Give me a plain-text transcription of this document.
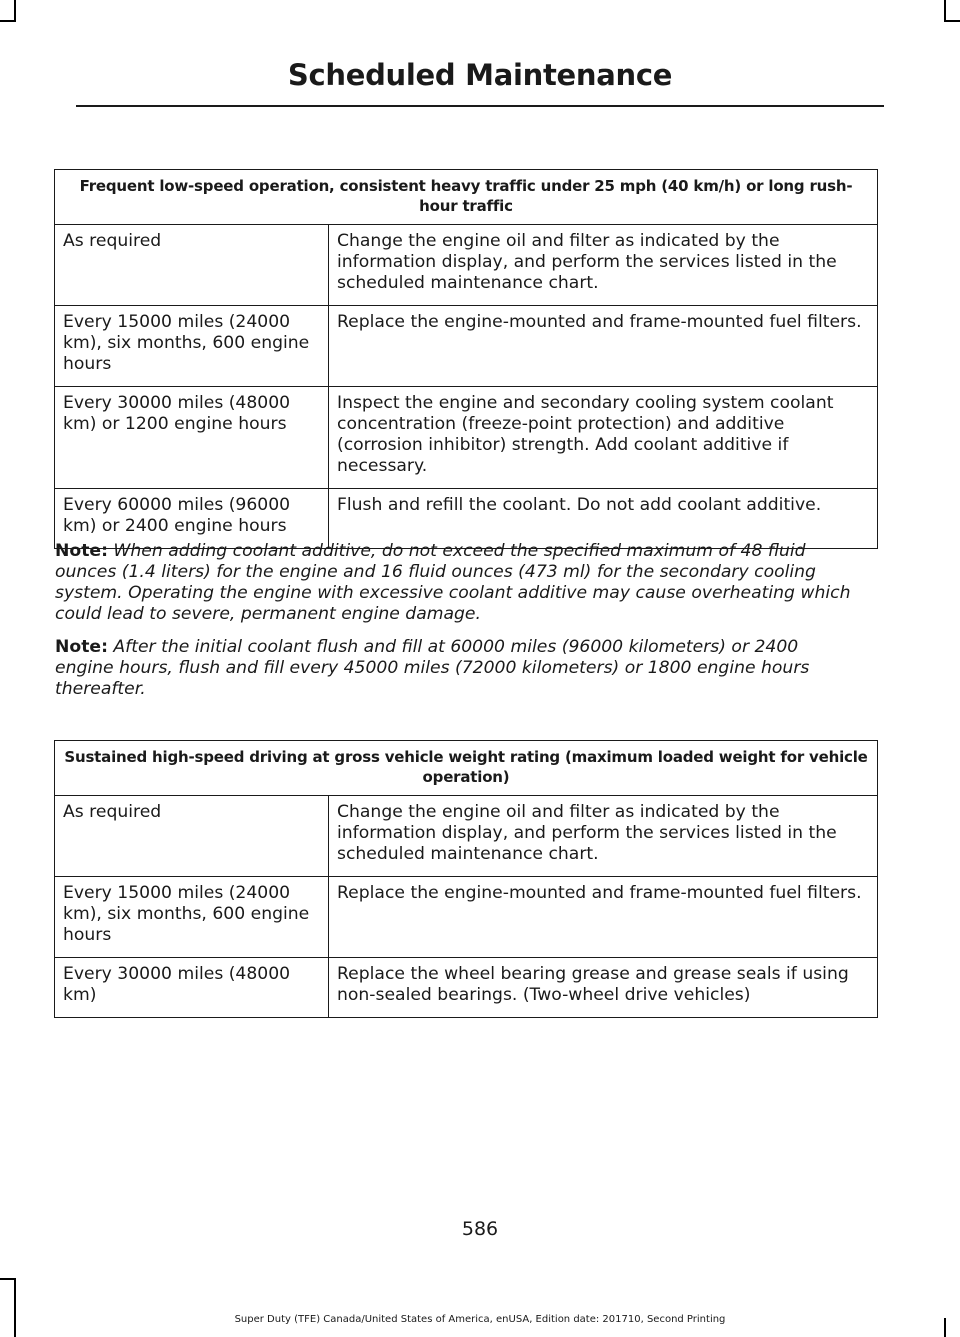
Scheduled Maintenance
Frequent low-speed operation, consistent heavy traffic under 25 mph (40 km/h) or long rush-hour traffic	
As required	Change the engine oil and filter as indicated by the information display, and perform the services listed in the scheduled maintenance chart.
Every 15000 miles (24000 km), six months, 600 engine hours	Replace the engine-mounted and frame-mounted fuel filters.
Every 30000 miles (48000 km) or 1200 engine hours	Inspect the engine and secondary cooling system coolant concentration (freeze-point protection) and additive (corrosion inhibitor) strength. Add coolant additive if necessary.
Every 60000 miles (96000 km) or 2400 engine hours	Flush and refill the coolant. Do not add coolant additive.

Note: When adding coolant additive, do not exceed the specified maximum of 48 fluid ounces (1.4 liters) for the engine and 16 fluid ounces (473 ml) for the secondary cooling system. Operating the engine with excessive coolant additive may cause overheating which could lead to severe, permanent engine damage.

Note: After the initial coolant flush and fill at 60000 miles (96000 kilometers) or 2400 engine hours, flush and fill every 45000 miles (72000 kilometers) or 1800 engine hours thereafter.

Sustained high-speed driving at gross vehicle weight rating (maximum loaded weight for vehicle operation)	
As required	Change the engine oil and filter as indicated by the information display, and perform the services listed in the scheduled maintenance chart.
Every 15000 miles (24000 km), six months, 600 engine hours	Replace the engine-mounted and frame-mounted fuel filters.
Every 30000 miles (48000 km)	Replace the wheel bearing grease and grease seals if using non-sealed bearings. (Two-wheel drive vehicles)
586
Super Duty (TFE) Canada/United States of America, enUSA, Edition date: 201710, Second Printing
